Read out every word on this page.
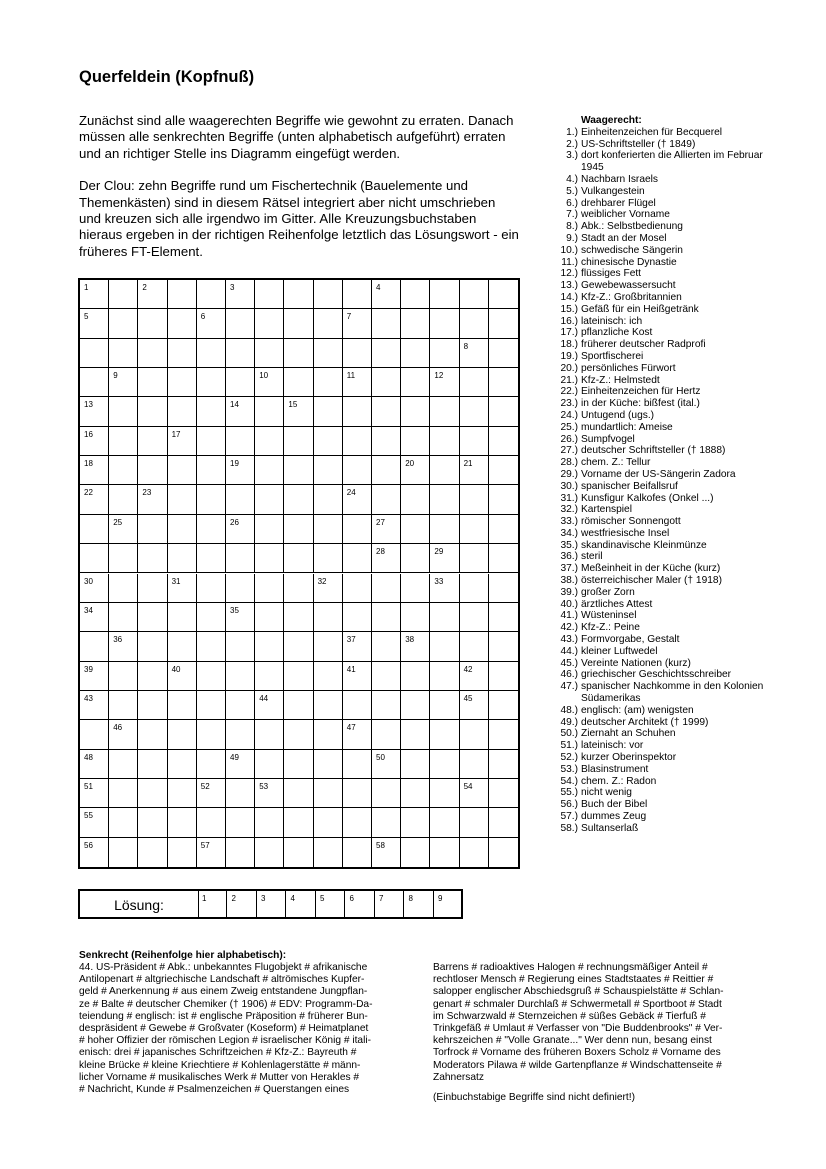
Querfeldein (Kopfnuß)

Zunächst sind alle waagerechten Begriffe wie gewohnt zu erraten. Danach müssen alle senkrechten Begriffe (unten alphabetisch aufgeführt) erraten und an richtiger Stelle ins Diagramm eingefügt werden.

Der Clou: zehn Begriffe rund um Fischertechnik (Bauelemente und Themenkästen) sind in diesem Rätsel integriert aber nicht umschrieben und kreuzen sich alle irgendwo im Gitter. Alle Kreuzungsbuchstaben hieraus ergeben in der richtigen Reihenfolge letztlich das Lösungswort - ein früheres FT-Element.

Waagerecht:
1.) Einheitenzeichen für Becquerel
2.) US-Schriftsteller († 1849)
3.) dort konferierten die Allierten im Februar 1945
4.) Nachbarn Israels
5.) Vulkangestein
6.) drehbarer Flügel
7.) weiblicher Vorname
8.) Abk.: Selbstbedienung
9.) Stadt an der Mosel
10.) schwedische Sängerin
11.) chinesische Dynastie
12.) flüssiges Fett
13.) Gewebewassersucht
14.) Kfz-Z.: Großbritannien
15.) Gefäß für ein Heißgetränk
16.) lateinisch: ich
17.) pflanzliche Kost
18.) früherer deutscher Radprofi
19.) Sportfischerei
20.) persönliches Fürwort
21.) Kfz-Z.: Helmstedt
22.) Einheitenzeichen für Hertz
23.) in der Küche: bißfest (ital.)
24.) Untugend (ugs.)
25.) mundartlich: Ameise
26.) Sumpfvogel
27.) deutscher Schriftsteller († 1888)
28.) chem. Z.: Tellur
29.) Vorname der US-Sängerin Zadora
30.) spanischer Beifallsruf
31.) Kunsfigur Kalkofes (Onkel ...)
32.) Kartenspiel
33.) römischer Sonnengott
34.) westfriesische Insel
35.) skandinavische Kleinmünze
36.) steril
37.) Meßeinheit in der Küche (kurz)
38.) österreichischer Maler († 1918)
39.) großer Zorn
40.) ärztliches Attest
41.) Wüsteninsel
42.) Kfz-Z.: Peine
43.) Formvorgabe, Gestalt
44.) kleiner Luftwedel
45.) Vereinte Nationen (kurz)
46.) griechischer Geschichtsschreiber
47.) spanischer Nachkomme in den Kolonien Südamerikas
48.) englisch: (am) wenigsten
49.) deutscher Architekt († 1999)
50.) Ziernaht an Schuhen
51.) lateinisch: vor
52.) kurzer Oberinspektor
53.) Blasinstrument
54.) chem. Z.: Radon
55.) nicht wenig
56.) Buch der Bibel
57.) dummes Zeug
58.) Sultanserlaß
1	2	3	4
5	6	7
8
9	10	11	12
13	14	15
16	17
18	19	20	21
22	23	24
25	26	27
28	29
30	31	32	33
34	35
36	37	38
39	40	41	42
43	44	45
46	47
48	49	50
51	52	53	54
55
56	57	58
Lösung:	1	2	3	4	5	6	7	8	9
Senkrecht (Reihenfolge hier alphabetisch):
44. US-Präsident # Abk.: unbekanntes Flugobjekt # afrikanische
Antilopenart # altgriechische Landschaft # altrömisches Kupfer-
geld # Anerkennung # aus einem Zweig entstandene Jungpflan-
ze # Balte # deutscher Chemiker († 1906) # EDV: Programm-Da-
teiendung # englisch: ist # englische Präposition # früherer Bun-
despräsident # Gewebe # Großvater (Koseform) # Heimatplanet
# hoher Offizier der römischen Legion # israelischer König # itali-
enisch: drei # japanisches Schriftzeichen # Kfz-Z.: Bayreuth #
kleine Brücke # kleine Kriechtiere # Kohlenlagerstätte # männ-
licher Vorname # musikalisches Werk # Mutter von Herakles #
# Nachricht, Kunde # Psalmenzeichen # Querstangen eines
Barrens # radioaktives Halogen # rechnungsmäßiger Anteil #
rechtloser Mensch # Regierung eines Stadtstaates # Reittier #
salopper englischer Abschiedsgruß # Schauspielstätte # Schlan-
genart # schmaler Durchlaß # Schwermetall # Sportboot # Stadt
im Schwarzwald # Sternzeichen # süßes Gebäck # Tierfuß #
Trinkgefäß # Umlaut # Verfasser von "Die Buddenbrooks" # Ver-
kehrszeichen # "Volle Granate..." Wer denn nun, besang einst
Torfrock # Vorname des früheren Boxers Scholz # Vorname des
Moderators Pilawa # wilde Gartenpflanze # Windschattenseite #
Zahnersatz
(Einbuchstabige Begriffe sind nicht definiert!)
